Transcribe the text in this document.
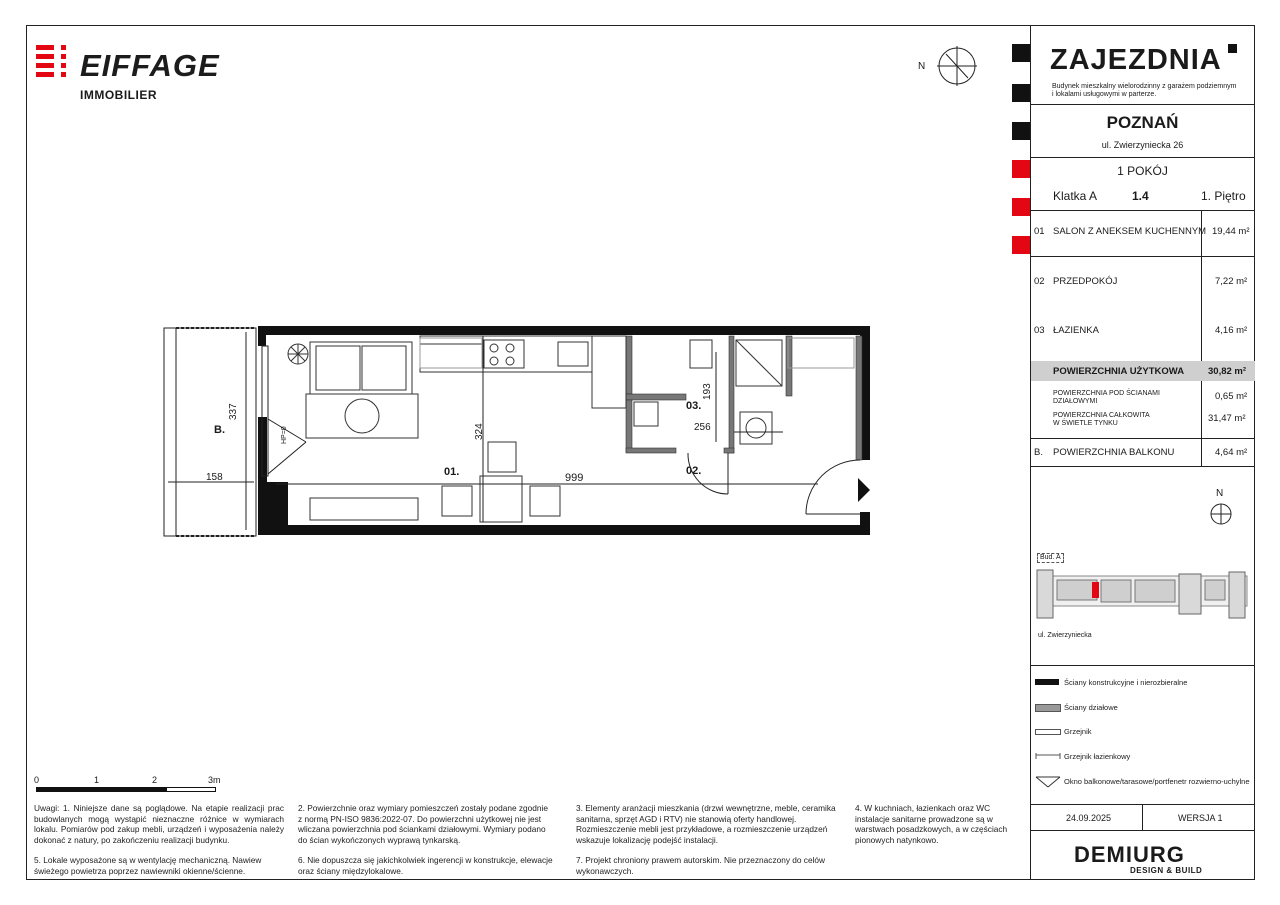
EIFFAGE
IMMOBILIER
N	ZAJEZDNIA
Budynek mieszkalny wielorodzinny z garażem podziemnym
i lokalami usługowymi w parterze.
POZNAŃ
ul. Zwierzyniecka 26
1 POKÓJ
Klatka A	1.4	1. Piętro
01 SALON Z ANEKSEM KUCHENNYM 19,44 m²
02 PRZEDPOKÓJ	7,22 m²
03 ŁAZIENKA	4,16 m²
POWIERZCHNIA UŻYTKOWA	30,82 m²
POWIERZCHNIA POD ŚCIANAMI
DZIAŁOWYMI	0,65 m²
POWIERZCHNIA CAŁKOWITA
W ŚWIETLE TYNKU	31,47 m²
B. POWIERZCHNIA BALKONU	4,64 m²
N
Bud. A
ul. Zwierzyniecka
Ściany konstrukcyjne i nierozbieralne
Ściany działowe
Grzejnik
Grzejnik łazienkowy
Okno balkonowe/tarasowe/portfenetr rozwierno-uchylne
24.09.2025	WERSJA 1
DEMIURG
DESIGN & BUILD
B.
337
158	01.
324
999
02.
03.
256
193
HP=0
0	1	2	3m
Uwagi: 1. Niniejsze dane są poglądowe. Na etapie realizacji prac budowlanych mogą wystąpić nieznaczne różnice w wymiarach lokalu. Pomiarów pod zakup mebli, urządzeń i wyposażenia należy dokonać z natury, po zakończeniu realizacji budynku.
2. Powierzchnie oraz wymiary pomieszczeń zostały podane zgodnie z normą PN-ISO 9836:2022-07. Do powierzchni użytkowej nie jest wliczana powierzchnia pod ściankami działowymi. Wymiary podano do ścian wykończonych wyprawą tynkarską.
3. Elementy aranżacji mieszkania (drzwi wewnętrzne, meble, ceramika sanitarna, sprzęt AGD i RTV) nie stanowią oferty handlowej. Rozmieszczenie mebli jest przykładowe, a rozmieszczenie urządzeń wskazuje lokalizację podejść instalacji.
4. W kuchniach, łazienkach oraz WC instalacje sanitarne prowadzone są w warstwach posadzkowych, a w częściach pionowych natynkowo.
5. Lokale wyposażone są w wentylację mechaniczną. Nawiew świeżego powietrza poprzez nawiewniki okienne/ścienne.
6. Nie dopuszcza się jakichkolwiek ingerencji w konstrukcje, elewacje oraz ściany międzylokalowe.
7. Projekt chroniony prawem autorskim. Nie przeznaczony do celów wykonawczych.
